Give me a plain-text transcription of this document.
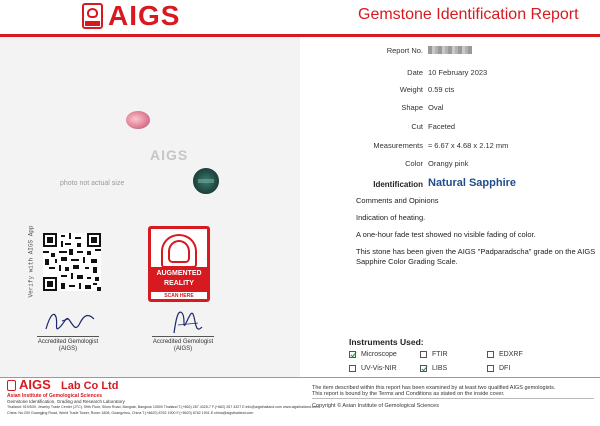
AIGS	Gemstone Identification Report
AIGS
photo not actual size
Verify with AIGS App	AUGMENTED
REALITY
SCAN HERE
Accredited Gemologist
(AIGS)
Accredited Gemologist
(AIGS)
Report No.
Date 10 February 2023
Weight 0.59 cts
Shape Oval
Cut Faceted
Measurements ≈ 6.67 x 4.68 x 2.12 mm
Color Orangy pink
Identification Natural Sapphire
Comments and Opinions
Indication of heating.
A one-hour fade test showed no visible fading of color.
This stone has been given the AIGS "Padparadscha" grade on the AIGS Sapphire Color Grading Scale.
Instruments Used:
Microscope	FTIR	EDXRF
UV-Vis-NIR	LIBS	DFI
AIGS Lab Co Ltd
Asian Institute of Gemological Sciences
Gemstone Identification, Grading and Research Laboratory
Thailand: 919/539, Jewelry Trade Center (JTC), 59th Floor, Silom Road, Bangrak, Bangkok 10500 Thailand T.(+662) 267 4325-7 F.(+662) 267 4327 E.info@aigsthailand.com www.aigsthailand.com
China: No.200 Guangjing Road, World Trade Tower, Room 1808, Guangzhou, China T.(+8620) 8762 1900 F.(+8620) 8762 1901 E.china@aigsthailand.com
The item described within this report has been examined by at least two qualified AIGS gemologists.
This report is bound by the Terms and Conditions as stated on the inside cover.
Copyright © Asian Institute of Gemological Sciences
